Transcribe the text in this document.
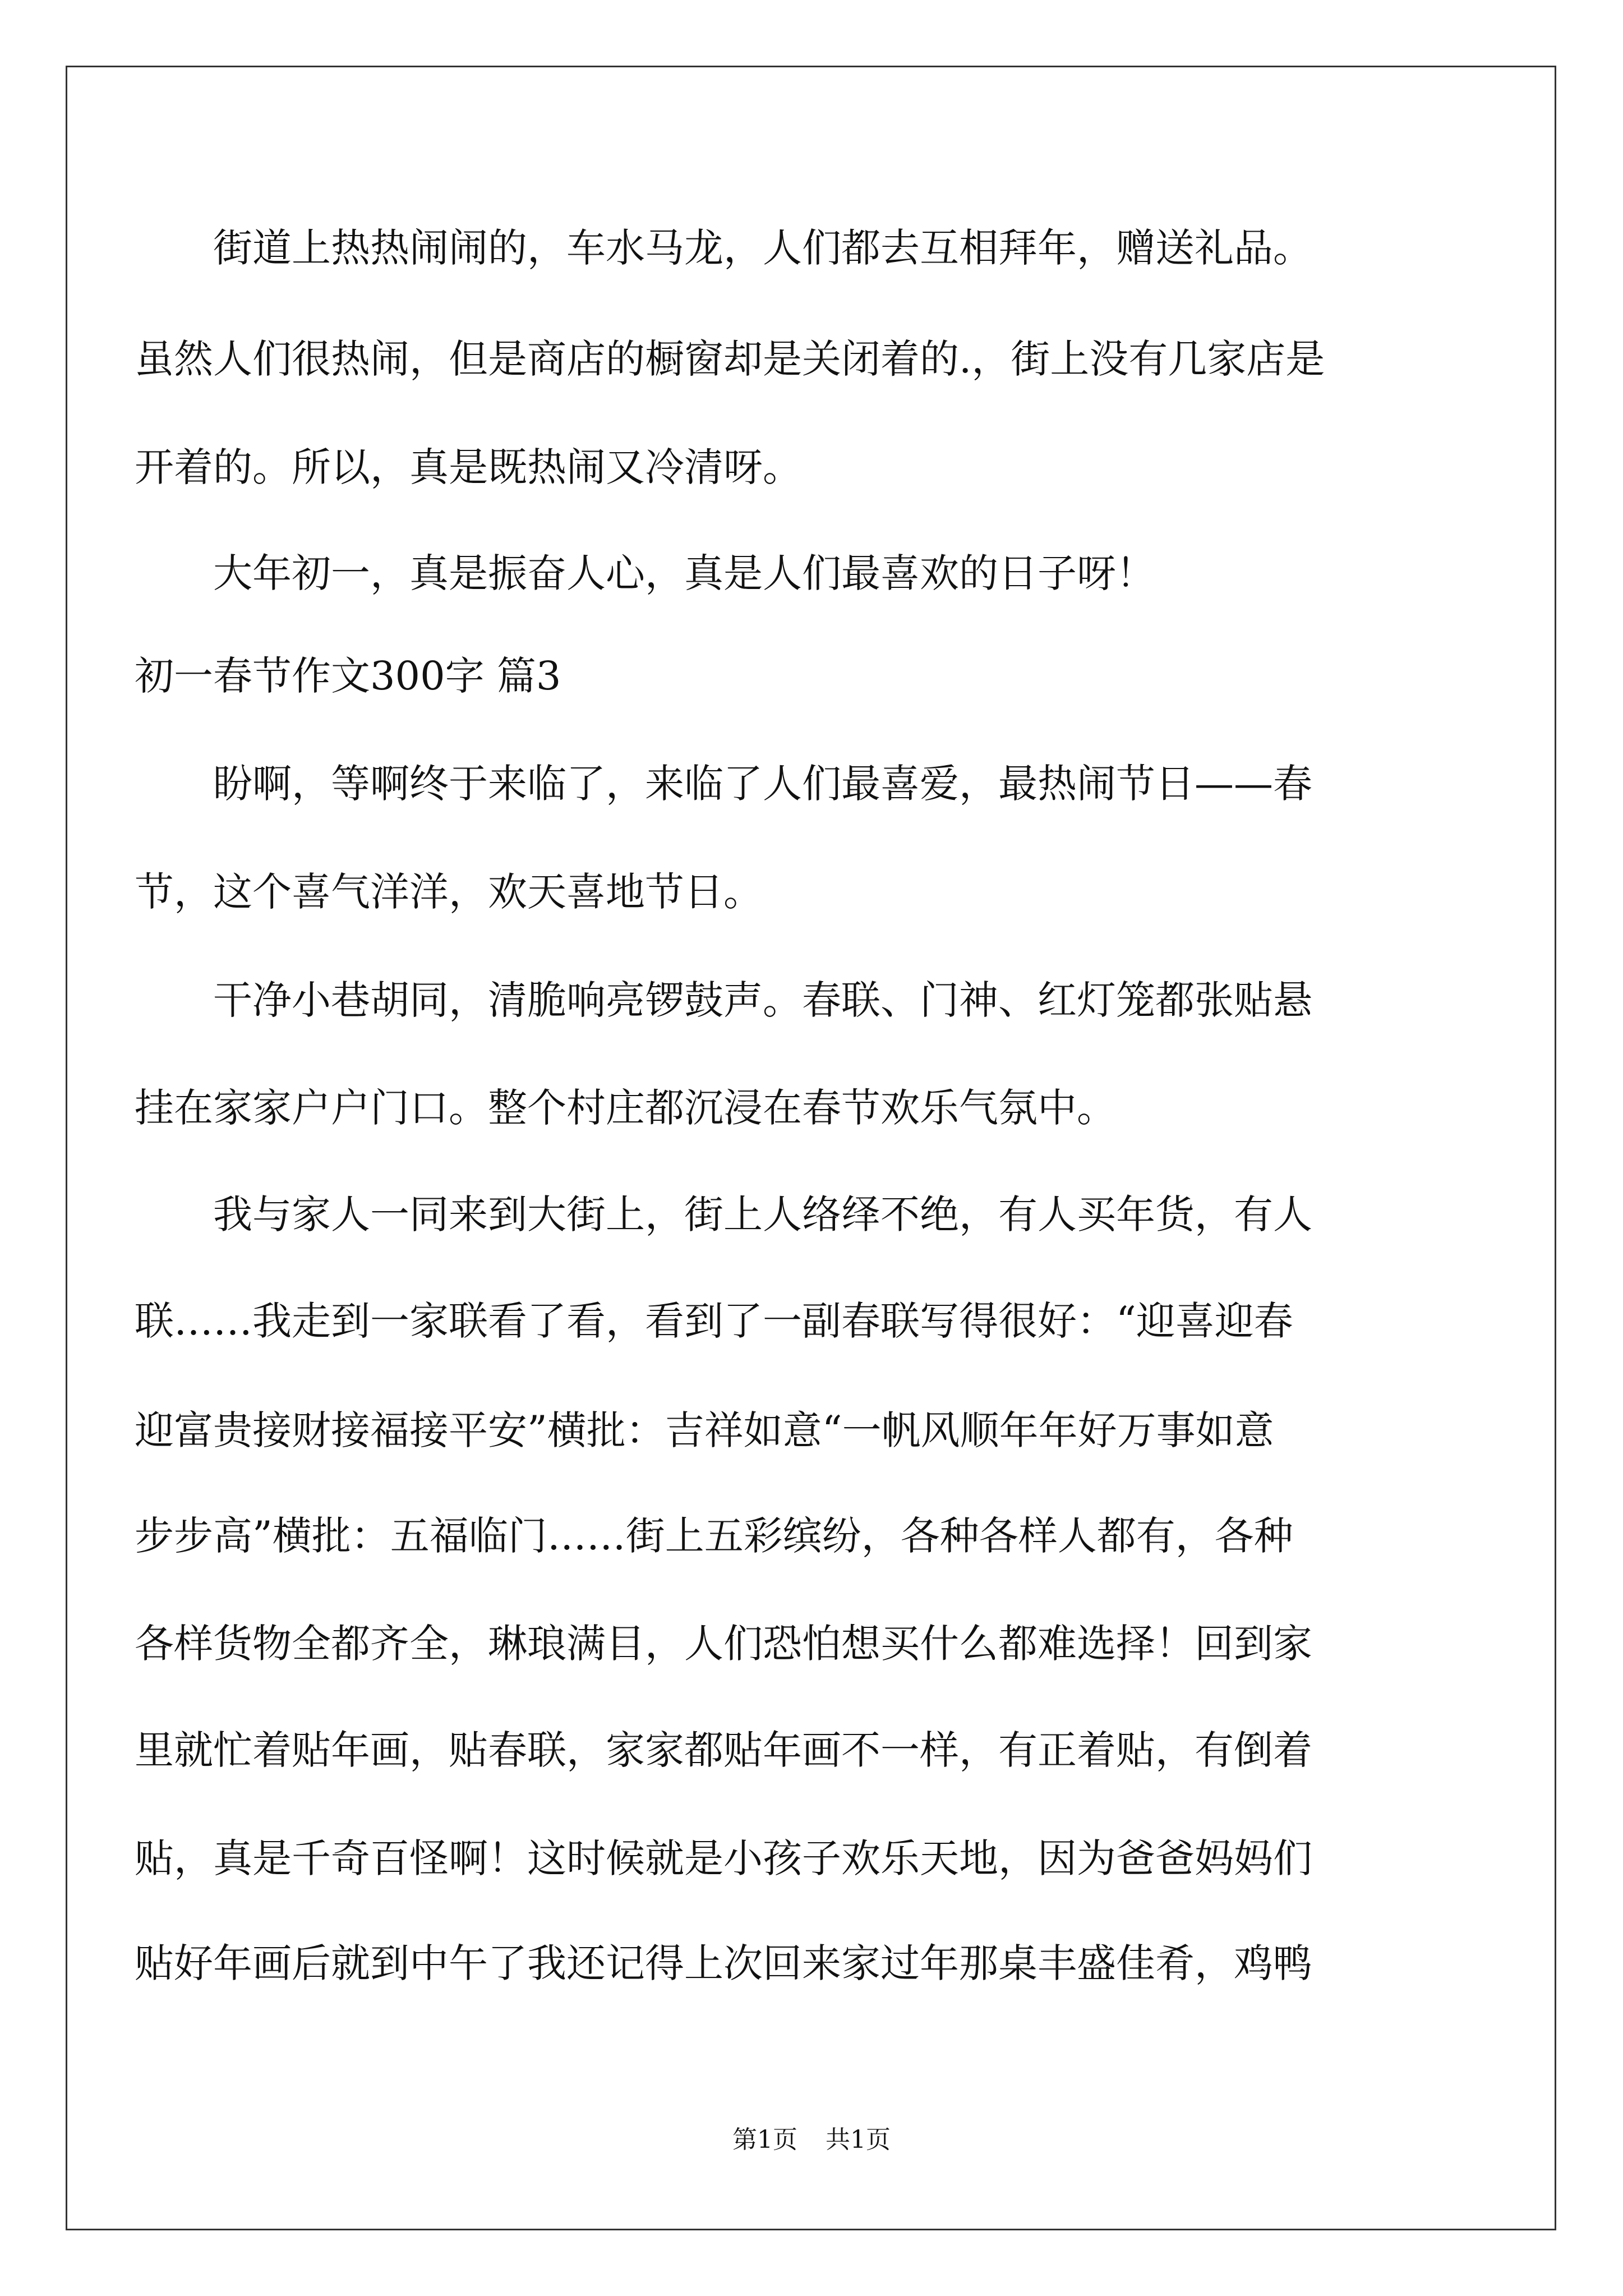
街道上热热闹闹的，车水马龙，人们都去互相拜年，赠送礼品。
虽然人们很热闹，但是商店的橱窗却是关闭着的.，街上没有几家店是
开着的。所以，真是既热闹又冷清呀。
大年初一，真是振奋人心，真是人们最喜欢的日子呀！
初一春节作文300字 篇3
盼啊，等啊终于来临了，来临了人们最喜爱，最热闹节日——春
节，这个喜气洋洋，欢天喜地节日。
干净小巷胡同，清脆响亮锣鼓声。春联、门神、红灯笼都张贴悬
挂在家家户户门口。整个村庄都沉浸在春节欢乐气氛中。
我与家人一同来到大街上，街上人络绎不绝，有人买年货，有人
联……我走到一家联看了看，看到了一副春联写得很好：“迎喜迎春
迎富贵接财接福接平安”横批：吉祥如意“一帆风顺年年好万事如意
步步高”横批：五福临门……街上五彩缤纷，各种各样人都有，各种
各样货物全都齐全，琳琅满目，人们恐怕想买什么都难选择！回到家
里就忙着贴年画，贴春联，家家都贴年画不一样，有正着贴，有倒着
贴，真是千奇百怪啊！这时候就是小孩子欢乐天地，因为爸爸妈妈们
贴好年画后就到中午了我还记得上次回来家过年那桌丰盛佳肴，鸡鸭
第1页 共1页
